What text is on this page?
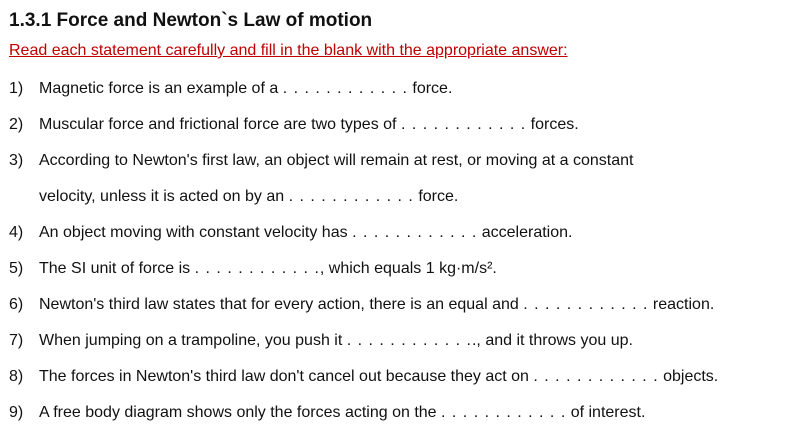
1.3.1 Force and Newton`s Law of motion
Read each statement carefully and fill in the blank with the appropriate answer:
1) Magnetic force is an example of a . . . . . . . . . . . . force.
2) Muscular force and frictional force are two types of . . . . . . . . . . . . forces.
3) According to Newton's first law, an object will remain at rest, or moving at a constant
velocity, unless it is acted on by an . . . . . . . . . . . . force.
4) An object moving with constant velocity has . . . . . . . . . . . . acceleration.
5) The SI unit of force is . . . . . . . . . . . ., which equals 1 kg·m/s².
6) Newton's third law states that for every action, there is an equal and . . . . . . . . . . . . reaction.
7) When jumping on a trampoline, you push it . . . . . . . . . . . .., and it throws you up.
8) The forces in Newton's third law don't cancel out because they act on . . . . . . . . . . . . objects.
9) A free body diagram shows only the forces acting on the . . . . . . . . . . . . of interest.
